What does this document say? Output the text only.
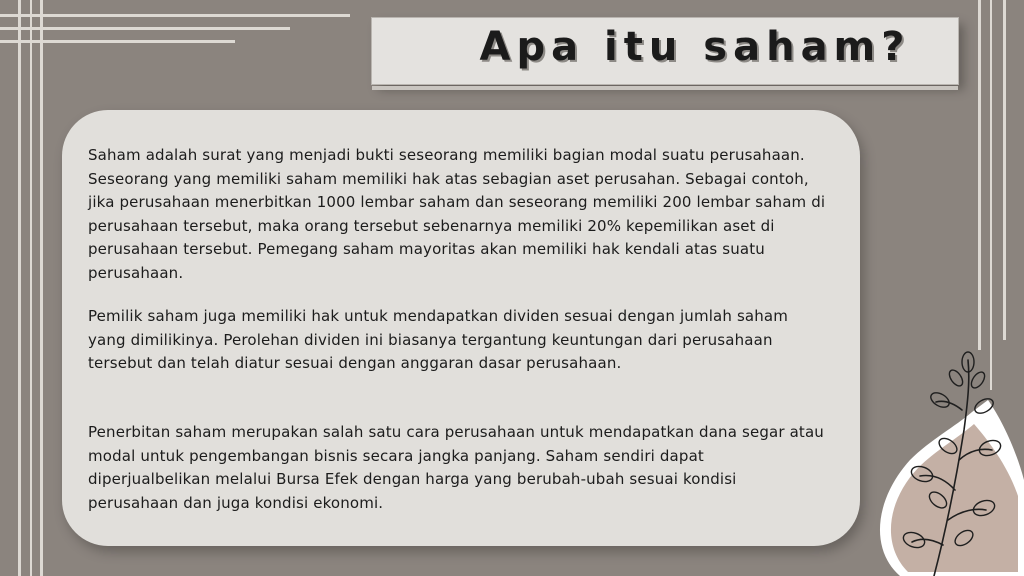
Apa itu saham?

Saham adalah surat yang menjadi bukti seseorang memiliki bagian modal suatu perusahaan. Seseorang yang memiliki saham memiliki hak atas sebagian aset perusahan. Sebagai contoh, jika perusahaan menerbitkan 1000 lembar saham dan seseorang memiliki 200 lembar saham di perusahaan tersebut, maka orang tersebut sebenarnya memiliki 20% kepemilikan aset di perusahaan tersebut. Pemegang saham mayoritas akan memiliki hak kendali atas suatu perusahaan.

Pemilik saham juga memiliki hak untuk mendapatkan dividen sesuai dengan jumlah saham yang dimilikinya. Perolehan dividen ini biasanya tergantung keuntungan dari perusahaan tersebut dan telah diatur sesuai dengan anggaran dasar perusahaan.

Penerbitan saham merupakan salah satu cara perusahaan untuk mendapatkan dana segar atau modal untuk pengembangan bisnis secara jangka panjang. Saham sendiri dapat diperjualbelikan melalui Bursa Efek dengan harga yang berubah-ubah sesuai kondisi perusahaan dan juga kondisi ekonomi.
